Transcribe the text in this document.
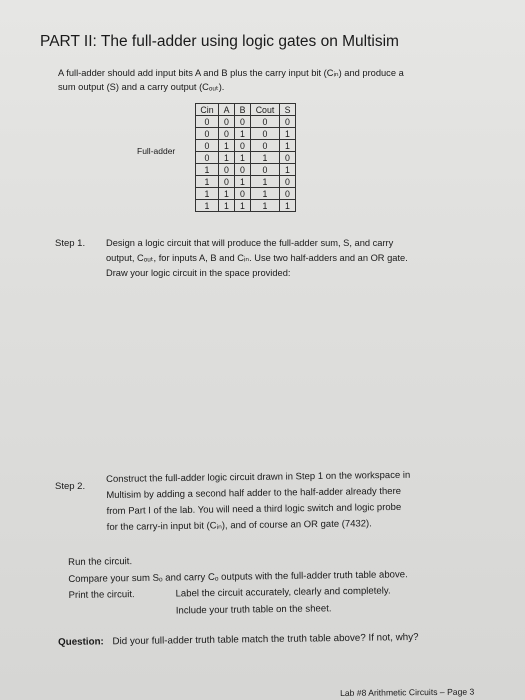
PART II: The full-adder using logic gates on Multisim
A full-adder should add input bits A and B plus the carry input bit (Cᵢₙ) and produce a
sum output (S) and a carry output (Cₒᵤₜ).
Full-adder
Cin	A	B	Cout	S
0	0	0	0	0
0	0	1	0	1
0	1	0	0	1
0	1	1	1	0
1	0	0	0	1
1	0	1	1	0
1	1	0	1	0
1	1	1	1	1
Step 1. Design a logic circuit that will produce the full-adder sum, S, and carry
output, Cₒᵤₜ, for inputs A, B and Cᵢₙ. Use two half-adders and an OR gate.
Draw your logic circuit in the space provided:
Step 2.
Construct the full-adder logic circuit drawn in Step 1 on the workspace in
Multisim by adding a second half adder to the half-adder already there
from Part I of the lab. You will need a third logic switch and logic probe
for the carry-in input bit (Cᵢₙ), and of course an OR gate (7432).
Run the circuit.
Compare your sum Sₒ and carry Cₒ outputs with the full-adder truth table above.
Print the circuit.	Label the circuit accurately, clearly and completely.
Include your truth table on the sheet.
Question: Did your full-adder truth table match the truth table above? If not, why?
Lab #8 Arithmetic Circuits – Page 3
